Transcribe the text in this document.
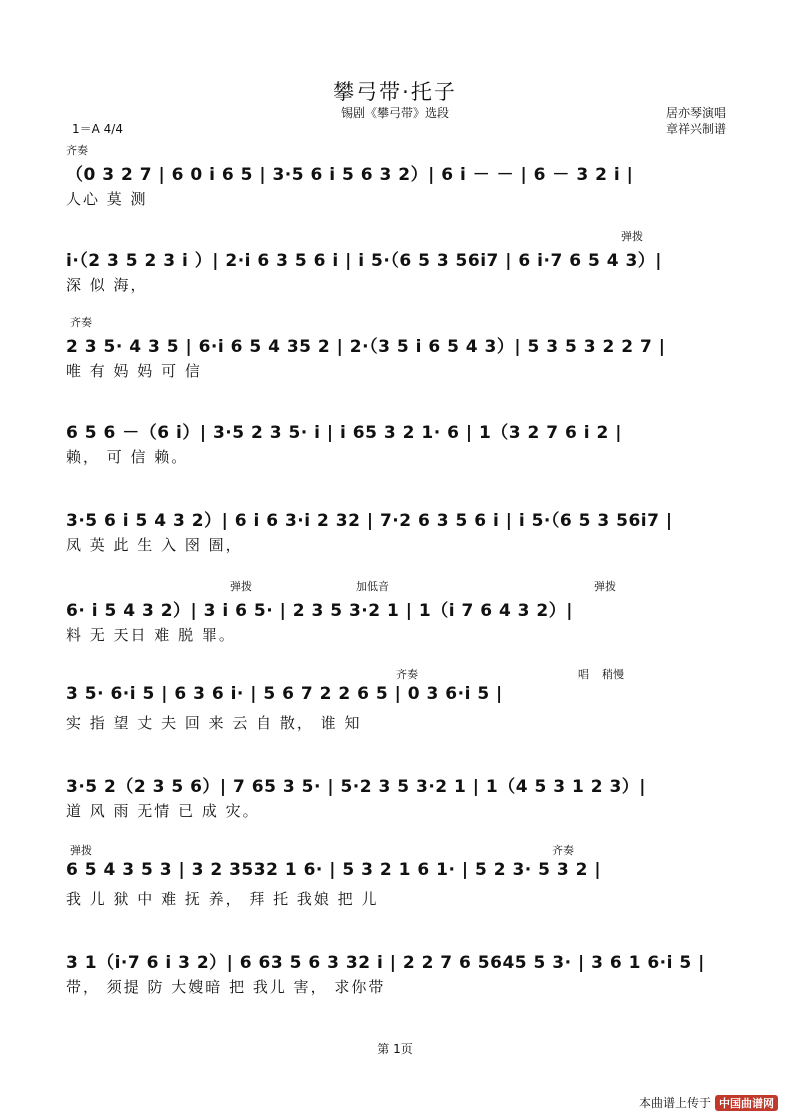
攀弓带·托子
锡剧《攀弓带》选段	居亦琴演唱
章祥兴制谱
1＝A 4/4
齐奏
（0 3 2 7 | 6 0 i 6 5 | 3·5 6 i 5 6 3 2）| 6 i － － | 6 － 3 2 i |
人心 莫 测
弹拨
i·（2 3 5 2 3 i ）| 2·i 6 3 5 6 i | i 5·（6 5 3 56i7 | 6 i·7 6 5 4 3）|
深 似 海，
齐奏
2 3 5· 4 3 5 | 6·i 6 5 4 35 2 | 2·（3 5 i 6 5 4 3）| 5 3 5 3 2 2 7 |
唯 有 妈 妈 可 信
6 5 6 －（6 i）| 3·5 2 3 5· i | i 65 3 2 1· 6 | 1（3 2 7 6 i 2 |
赖， 可 信 赖。
3·5 6 i 5 4 3 2）| 6 i 6 3·i 2 32 | 7·2 6 3 5 6 i | i 5·（6 5 3 56i7 |
凤 英 此 生 入 囹 圄，
弹拨	加低音	弹拨
6· i 5 4 3 2）| 3 i 6 5· | 2 3 5 3·2 1 | 1（i 7 6 4 3 2）|
料 无 天日 难 脱 罪。
齐奏	稍慢
唱
3 5· 6·i 5 | 6 3 6 i· | 5 6 7 2 2 6 5 | 0 3 6·i 5 |
实 指 望 丈 夫 回 来 云 自 散， 谁 知
3·5 2（2 3 5 6）| 7 65 3 5· | 5·2 3 5 3·2 1 | 1（4 5 3 1 2 3）|
道 风 雨 无情 已 成 灾。
弹拨	齐奏
6 5 4 3 5 3 | 3 2 3532 1 6· | 5 3 2 1 6 1· | 5 2 3· 5 3 2 |
我 儿 狱 中 难 抚 养， 拜 托 我娘 把 儿
3 1（i·7 6 i 3 2）| 6 63 5 6 3 32 i | 2 2 7 6 5645 5 3· | 3 6 1 6·i 5 |
带， 须提 防 大嫂暗 把 我儿 害， 求你带
第 1页
本曲谱上传于 中国曲谱网
